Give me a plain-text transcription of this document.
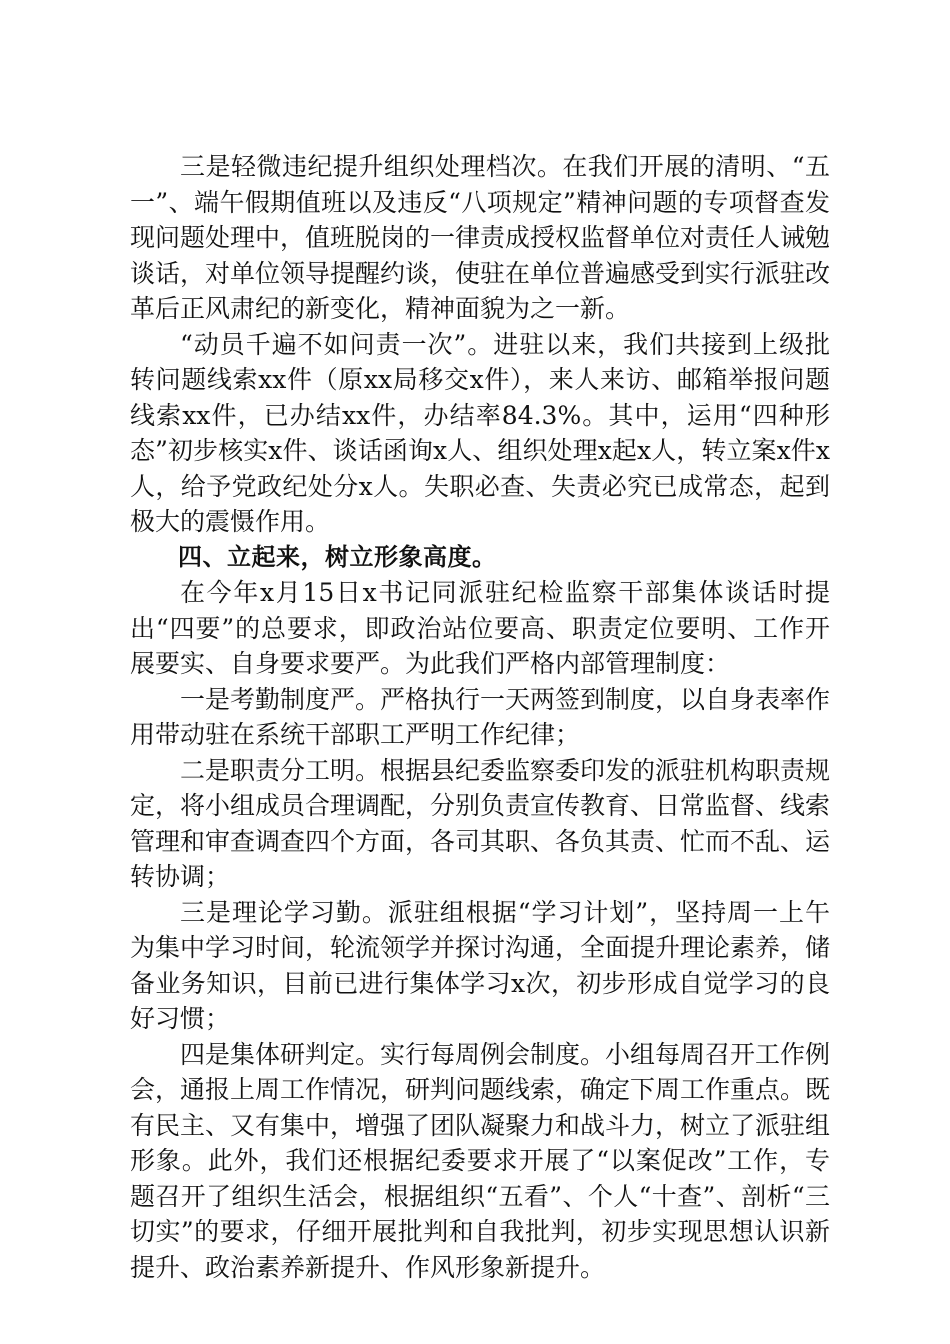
三是轻微违纪提升组织处理档次。在我们开展的清明、“五一”、端午假期值班以及违反“八项规定”精神问题的专项督查发现问题处理中，值班脱岗的一律责成授权监督单位对责任人诫勉谈话，对单位领导提醒约谈，使驻在单位普遍感受到实行派驻改革后正风肃纪的新变化，精神面貌为之一新。

“动员千遍不如问责一次”。进驻以来，我们共接到上级批转问题线索xx件（原xx局移交x件），来人来访、邮箱举报问题线索xx件，已办结xx件，办结率84.3%。其中，运用“四种形态”初步核实x件、谈话函询x人、组织处理x起x人，转立案x件x人，给予党政纪处分x人。失职必查、失责必究已成常态，起到极大的震慑作用。

四、立起来，树立形象高度。

在今年x月15日x书记同派驻纪检监察干部集体谈话时提出“四要”的总要求，即政治站位要高、职责定位要明、工作开展要实、自身要求要严。为此我们严格内部管理制度：

一是考勤制度严。严格执行一天两签到制度，以自身表率作用带动驻在系统干部职工严明工作纪律；

二是职责分工明。根据县纪委监察委印发的派驻机构职责规定，将小组成员合理调配，分别负责宣传教育、日常监督、线索管理和审查调查四个方面，各司其职、各负其责、忙而不乱、运转协调；

三是理论学习勤。派驻组根据“学习计划”，坚持周一上午为集中学习时间，轮流领学并探讨沟通，全面提升理论素养，储备业务知识，目前已进行集体学习x次，初步形成自觉学习的良好习惯；

四是集体研判定。实行每周例会制度。小组每周召开工作例会，通报上周工作情况，研判问题线索，确定下周工作重点。既有民主、又有集中，增强了团队凝聚力和战斗力，树立了派驻组形象。此外，我们还根据纪委要求开展了“以案促改”工作，专题召开了组织生活会，根据组织“五看”、个人“十查”、剖析“三切实”的要求，仔细开展批判和自我批判，初步实现思想认识新提升、政治素养新提升、作风形象新提升。
